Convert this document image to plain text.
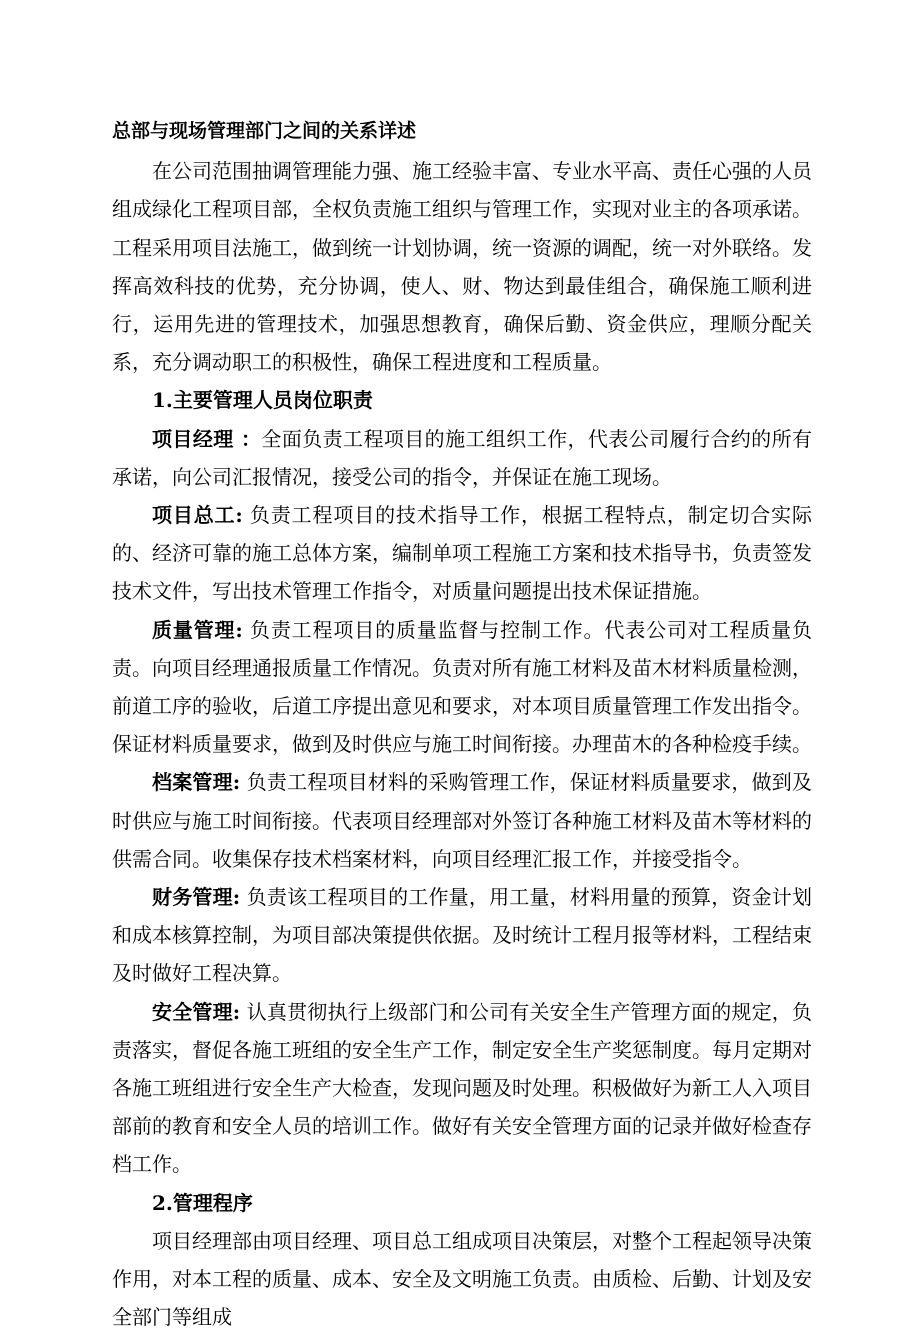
总部与现场管理部门之间的关系详述

在公司范围抽调管理能力强、施工经验丰富、专业水平高、责任心强的人员组成绿化工程项目部，全权负责施工组织与管理工作，实现对业主的各项承诺。工程采用项目法施工，做到统一计划协调，统一资源的调配，统一对外联络。发挥高效科技的优势，充分协调，使人、财、物达到最佳组合，确保施工顺利进行，运用先进的管理技术，加强思想教育，确保后勤、资金供应，理顺分配关系，充分调动职工的积极性，确保工程进度和工程质量。

1.主要管理人员岗位职责

项目经理 ：全面负责工程项目的施工组织工作，代表公司履行合约的所有承诺，向公司汇报情况，接受公司的指令，并保证在施工现场。

项目总工: 负责工程项目的技术指导工作，根据工程特点，制定切合实际的、经济可靠的施工总体方案，编制单项工程施工方案和技术指导书，负责签发技术文件，写出技术管理工作指令，对质量问题提出技术保证措施。

质量管理: 负责工程项目的质量监督与控制工作。代表公司对工程质量负责。向项目经理通报质量工作情况。负责对所有施工材料及苗木材料质量检测，前道工序的验收，后道工序提出意见和要求，对本项目质量管理工作发出指令。保证材料质量要求，做到及时供应与施工时间衔接。办理苗木的各种检疫手续。

档案管理: 负责工程项目材料的采购管理工作，保证材料质量要求，做到及时供应与施工时间衔接。代表项目经理部对外签订各种施工材料及苗木等材料的供需合同。收集保存技术档案材料，向项目经理汇报工作，并接受指令。

财务管理: 负责该工程项目的工作量，用工量，材料用量的预算，资金计划和成本核算控制，为项目部决策提供依据。及时统计工程月报等材料，工程结束及时做好工程决算。

安全管理: 认真贯彻执行上级部门和公司有关安全生产管理方面的规定，负责落实，督促各施工班组的安全生产工作，制定安全生产奖惩制度。每月定期对各施工班组进行安全生产大检查，发现问题及时处理。积极做好为新工人入项目部前的教育和安全人员的培训工作。做好有关安全管理方面的记录并做好检查存档工作。

2.管理程序

项目经理部由项目经理、项目总工组成项目决策层，对整个工程起领导决策作用，对本工程的质量、成本、安全及文明施工负责。由质检、后勤、计划及安全部门等组成
